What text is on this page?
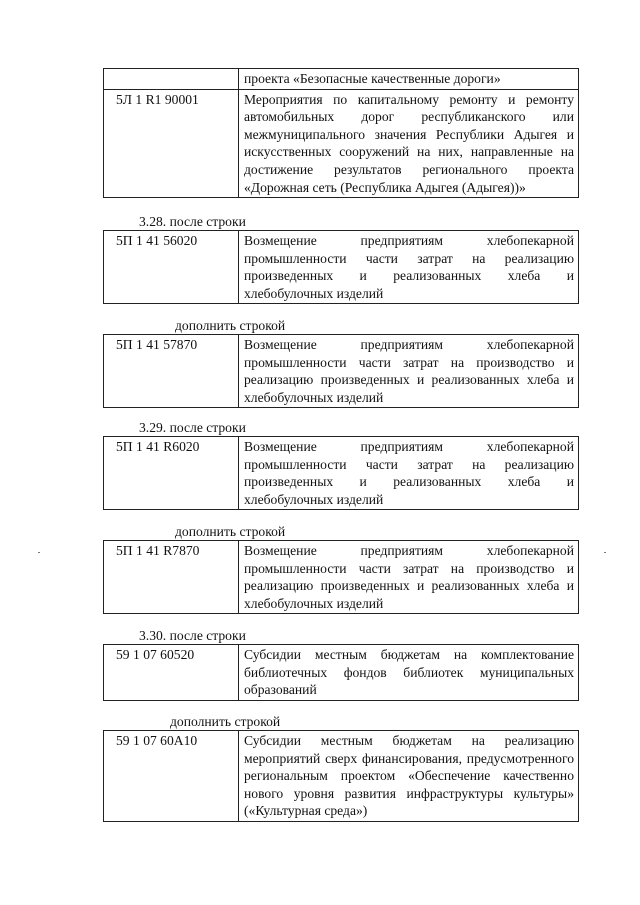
	проекта «Безопасные качественные дороги»
5Л 1 R1 90001	Мероприятия по капитальному ремонту и ремонту автомобильных дорог республиканского или межмуниципального значения Республики Адыгея и искусственных сооружений на них, направленные на достижение результатов регионального проекта «Дорожная сеть (Республика Адыгея (Адыгея))»
3.28. после строки
5П 1 41 56020	Возмещение предприятиям хлебопекарной промышленности части затрат на реализацию произведенных и реализованных хлеба и хлебобулочных изделий
дополнить строкой
5П 1 41 57870	Возмещение предприятиям хлебопекарной промышленности части затрат на производство и реализацию произведенных и реализованных хлеба и хлебобулочных изделий
3.29. после строки
5П 1 41 R6020	Возмещение предприятиям хлебопекарной промышленности части затрат на реализацию произведенных и реализованных хлеба и хлебобулочных изделий
дополнить строкой
5П 1 41 R7870	Возмещение предприятиям хлебопекарной промышленности части затрат на производство и реализацию произведенных и реализованных хлеба и хлебобулочных изделий
3.30. после строки
59 1 07 60520	Субсидии местным бюджетам на комплектование библиотечных фондов библиотек муниципальных образований
дополнить строкой
59 1 07 60А10	Субсидии местным бюджетам на реализацию мероприятий сверх финансирования, предусмотренного региональным проектом «Обеспечение качественно нового уровня развития инфраструктуры культуры» («Культурная среда»)
